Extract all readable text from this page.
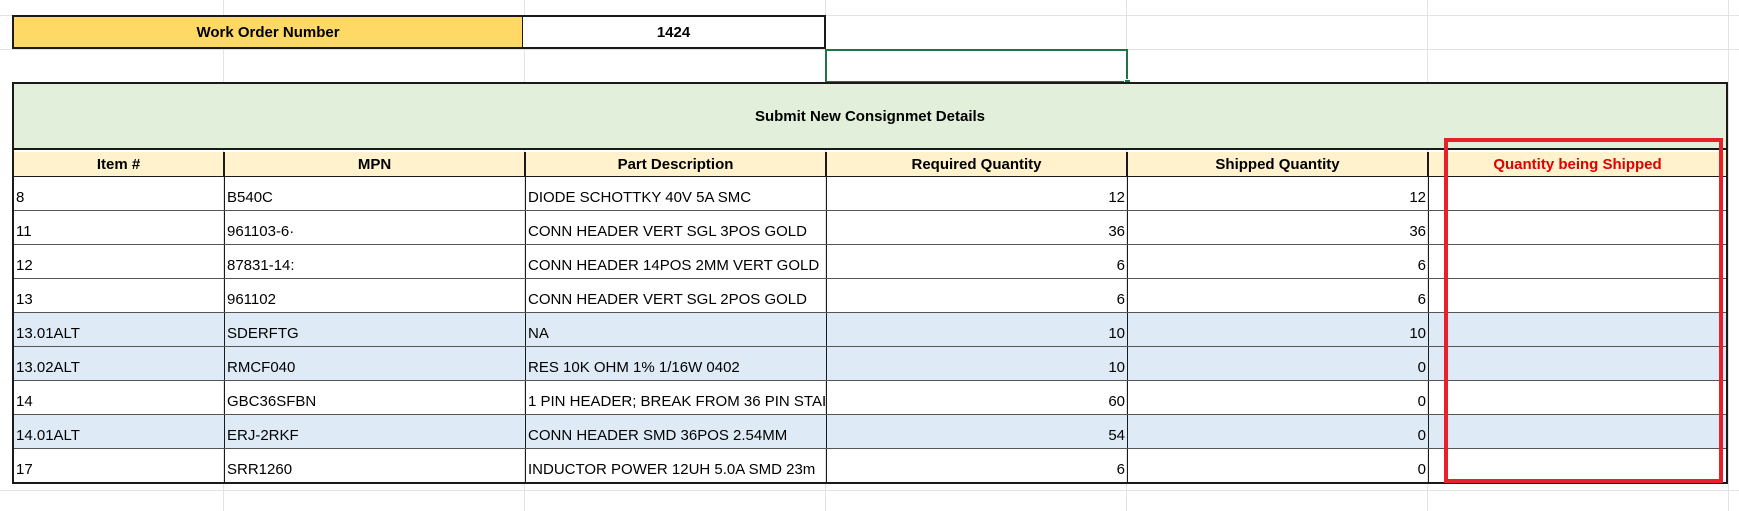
Work Order Number	1424
Submit New Consignmet Details
Item #	MPN	Part Description	Required Quantity	Shipped Quantity	Quantity being Shipped
8	B540C	DIODE SCHOTTKY 40V 5A SMC	12	12
11	961103-6·	CONN HEADER VERT SGL 3POS GOLD	36	36
12	87831-14:	CONN HEADER 14POS 2MM VERT GOLD	6	6
13	961102	CONN HEADER VERT SGL 2POS GOLD	6	6
13.01ALT	SDERFTG	NA	10	10
13.02ALT	RMCF040	RES 10K OHM 1% 1/16W 0402	10	0
14	GBC36SFBN	1 PIN HEADER; BREAK FROM 36 PIN STAI	60	0
14.01ALT	ERJ-2RKF	CONN HEADER SMD 36POS 2.54MM	54	0
17	SRR1260	INDUCTOR POWER 12UH 5.0A SMD 23m	6	0
